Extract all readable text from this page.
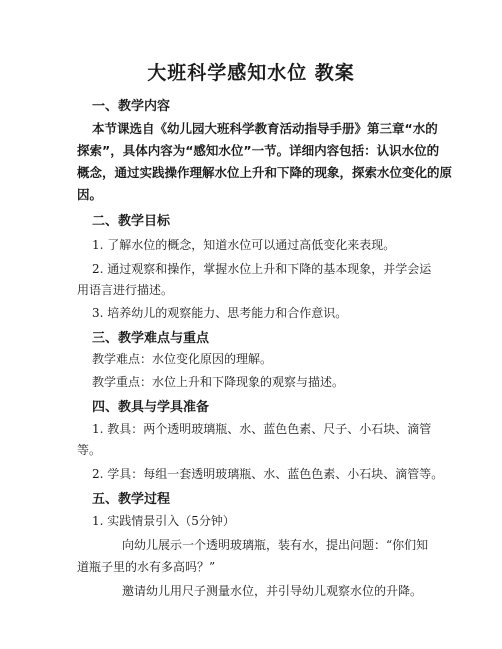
大班科学感知水位 教案
一、教学内容
本节课选自《幼儿园大班科学教育活动指导手册》第三章“水的
探索”，具体内容为“感知水位”一节。详细内容包括：认识水位的
概念，通过实践操作理解水位上升和下降的现象，探索水位变化的原
因。
二、教学目标
1. 了解水位的概念，知道水位可以通过高低变化来表现。
2. 通过观察和操作，掌握水位上升和下降的基本现象，并学会运
用语言进行描述。
3. 培养幼儿的观察能力、思考能力和合作意识。
三、教学难点与重点
教学难点：水位变化原因的理解。
教学重点：水位上升和下降现象的观察与描述。
四、教具与学具准备
1. 教具：两个透明玻璃瓶、水、蓝色色素、尺子、小石块、滴管
等。
2. 学具：每组一套透明玻璃瓶、水、蓝色色素、小石块、滴管等。
五、教学过程
1. 实践情景引入（5分钟）
向幼儿展示一个透明玻璃瓶，装有水，提出问题：“你们知
道瓶子里的水有多高吗？”
邀请幼儿用尺子测量水位，并引导幼儿观察水位的升降。
